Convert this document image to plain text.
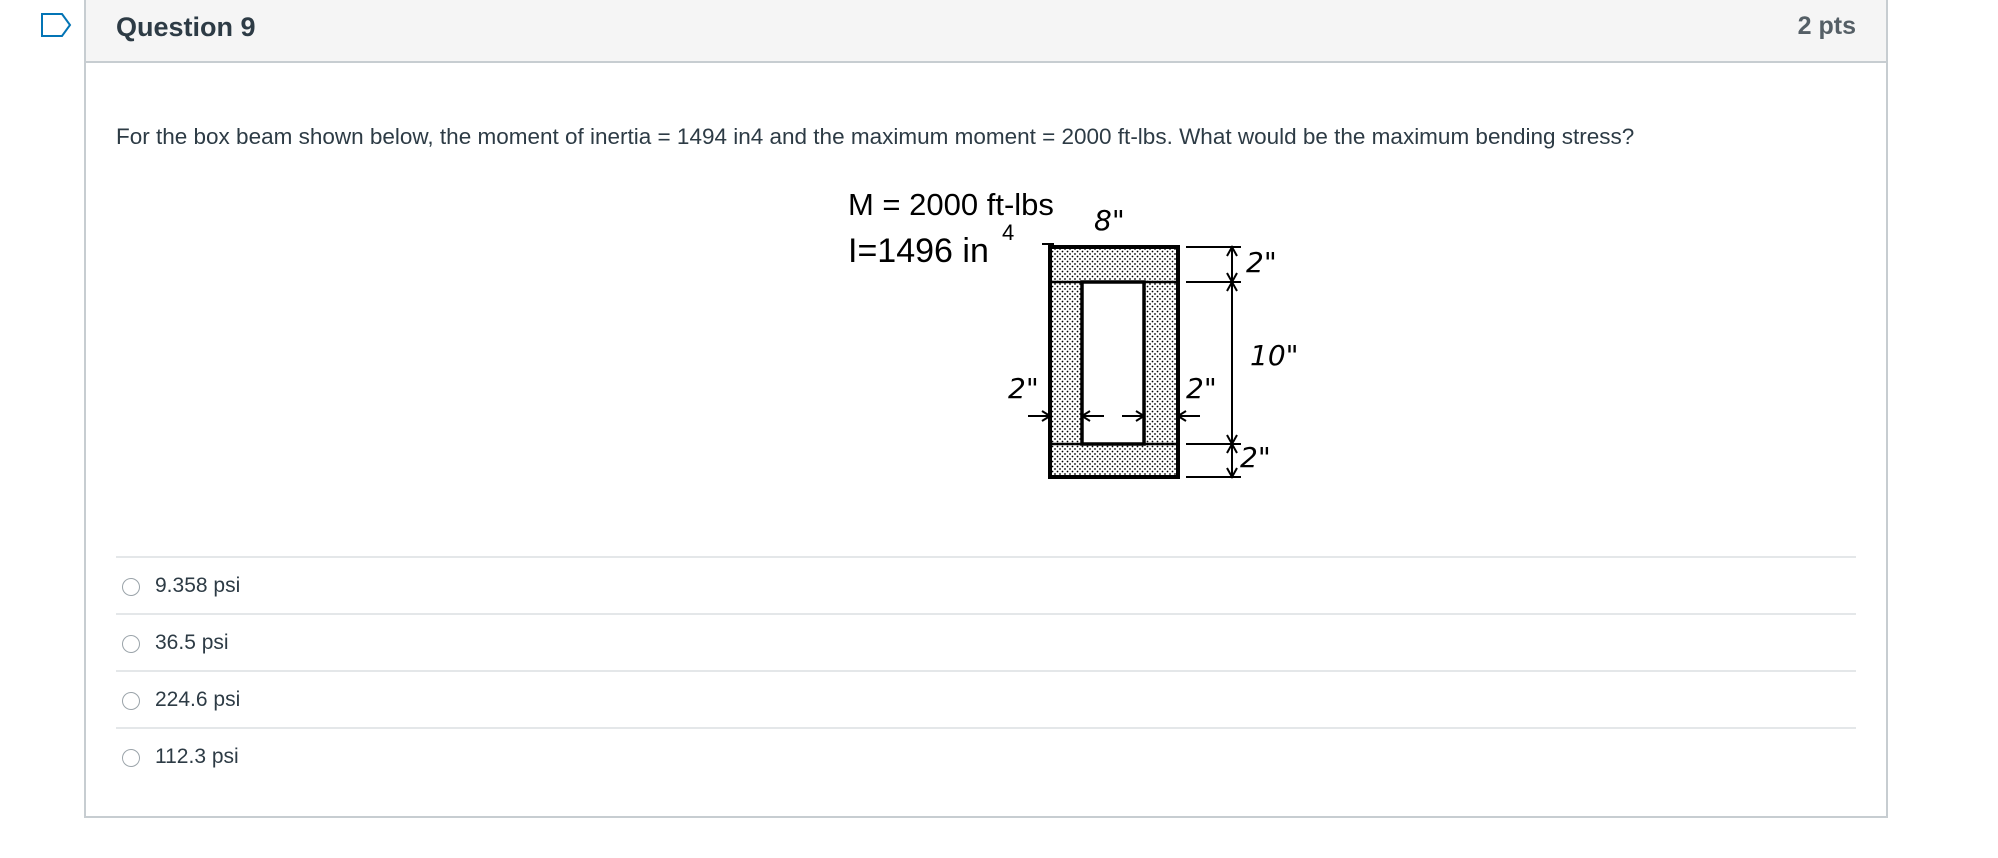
Question 9	2 pts
For the box beam shown below, the moment of inertia = 1494 in4 and the maximum moment = 2000 ft-lbs. What would be the maximum bending stress?
M = 2000 ft-lbs
I=1496 in 4	8"
2"
10"
2"
2"	2"
9.358 psi
36.5 psi
224.6 psi
112.3 psi
